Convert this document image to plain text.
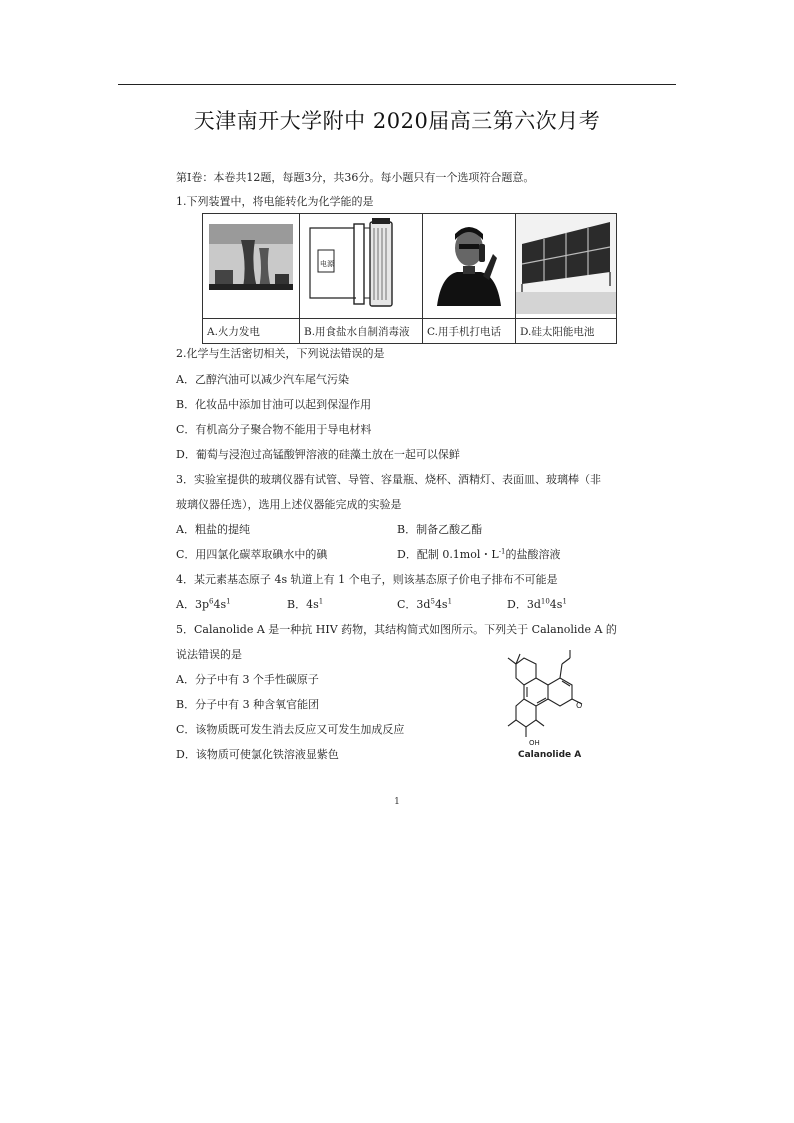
天津南开大学附中 2020届高三第六次月考
第Ⅰ卷：本卷共12题，每题3分，共36分。每小题只有一个选项符合题意。
1.下列装置中，将电能转化为化学能的是

电源

A.火力发电	B.用食盐水自制消毒液	C.用手机打电话	D.硅太阳能电池
2.化学与生活密切相关，下列说法错误的是
A．乙醇汽油可以减少汽车尾气污染
B．化妆品中添加甘油可以起到保湿作用
C．有机高分子聚合物不能用于导电材料
D．葡萄与浸泡过高锰酸钾溶液的硅藻土放在一起可以保鲜
3．实验室提供的玻璃仪器有试管、导管、容量瓶、烧杯、酒精灯、表面皿、玻璃棒（非
玻璃仪器任选），选用上述仪器能完成的实验是
A．粗盐的提纯	B．制备乙酸乙酯
C．用四氯化碳萃取碘水中的碘	D．配制 0.1mol・$L^{-1}$的盐酸溶液
4．某元素基态原子 4s 轨道上有 1 个电子，则该基态原子价电子排布不可能是
A．$3p^64s^1$	B．$4s^1$	C．$3d^54s^1$	D．$3d^{10}4s^1$
5．Calanolide A 是一种抗 HIV 药物，其结构简式如图所示。下列关于 Calanolide A 的
说法错误的是
A．分子中有 3 个手性碳原子
B．分子中有 3 种含氧官能团
C．该物质既可发生消去反应又可发生加成反应
D．该物质可使氯化铁溶液显紫色
O
OH
Calanolide A
1
